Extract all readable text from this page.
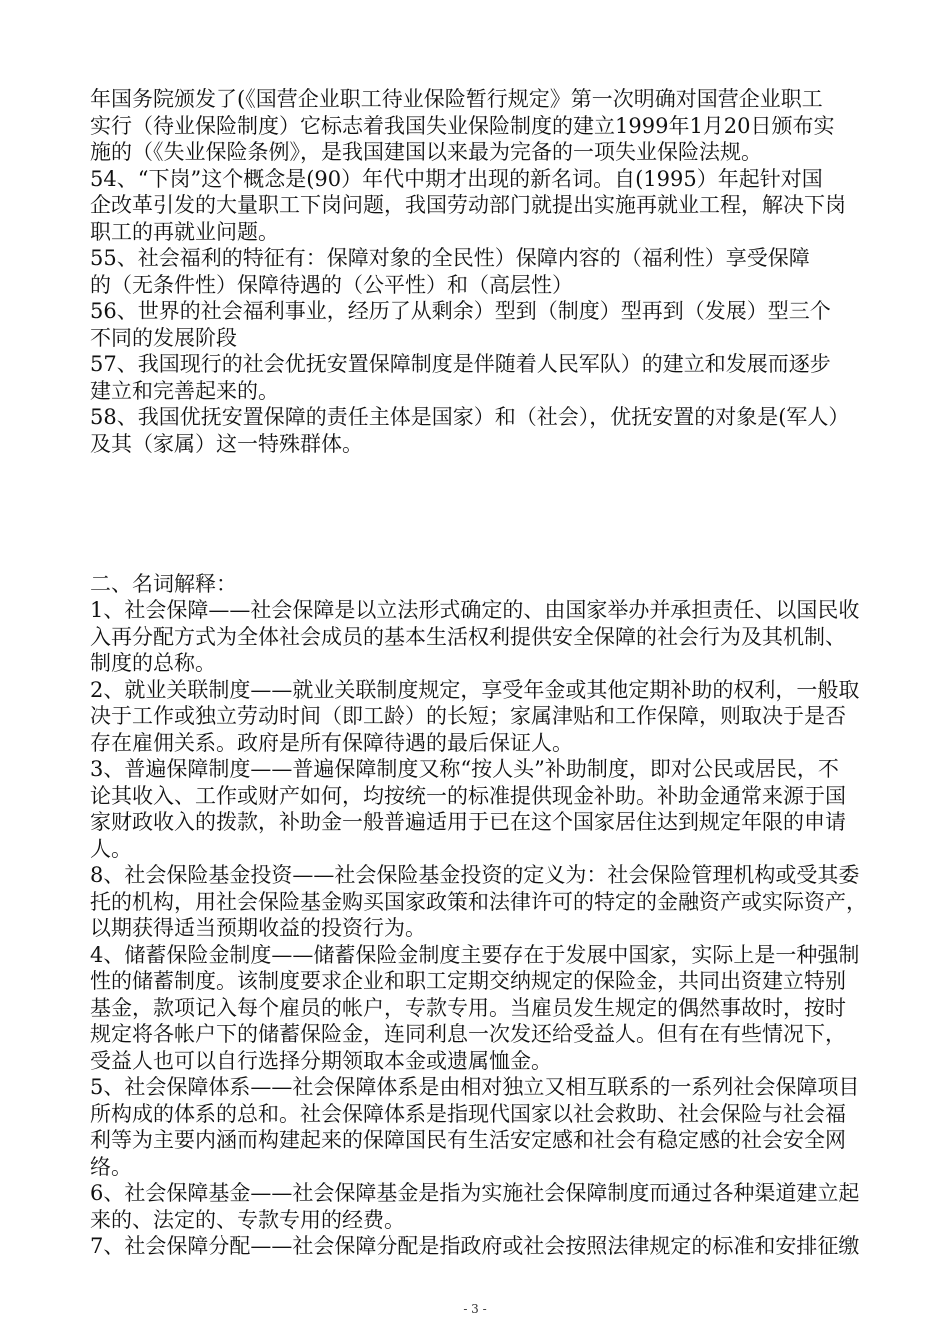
年国务院颁发了(《国营企业职工待业保险暂行规定》第一次明确对国营企业职工
实行（待业保险制度）它标志着我国失业保险制度的建立1999年1月20日颁布实
施的（《失业保险条例》，是我国建国以来最为完备的一项失业保险法规。
54、“下岗”这个概念是(90）年代中期才出现的新名词。自(1995）年起针对国
企改革引发的大量职工下岗问题，我国劳动部门就提出实施再就业工程，解决下岗
职工的再就业问题。
55、社会福利的特征有：保障对象的全民性）保障内容的（福利性）享受保障
的（无条件性）保障待遇的（公平性）和（高层性）
56、世界的社会福利事业，经历了从剩余）型到（制度）型再到（发展）型三个
不同的发展阶段
57、我国现行的社会优抚安置保障制度是伴随着人民军队）的建立和发展而逐步
建立和完善起来的。
58、我国优抚安置保障的责任主体是国家）和（社会），优抚安置的对象是(军人）
及其（家属）这一特殊群体。
二、名词解释：
1、社会保障——社会保障是以立法形式确定的、由国家举办并承担责任、以国民收
入再分配方式为全体社会成员的基本生活权利提供安全保障的社会行为及其机制、
制度的总称。
2、就业关联制度——就业关联制度规定，享受年金或其他定期补助的权利，一般取
决于工作或独立劳动时间（即工龄）的长短；家属津贴和工作保障，则取决于是否
存在雇佣关系。政府是所有保障待遇的最后保证人。
3、普遍保障制度——普遍保障制度又称“按人头”补助制度，即对公民或居民，不
论其收入、工作或财产如何，均按统一的标准提供现金补助。补助金通常来源于国
家财政收入的拨款，补助金一般普遍适用于已在这个国家居住达到规定年限的申请
人。
8、社会保险基金投资——社会保险基金投资的定义为：社会保险管理机构或受其委
托的机构，用社会保险基金购买国家政策和法律许可的特定的金融资产或实际资产，
以期获得适当预期收益的投资行为。
4、储蓄保险金制度——储蓄保险金制度主要存在于发展中国家，实际上是一种强制
性的储蓄制度。该制度要求企业和职工定期交纳规定的保险金，共同出资建立特别
基金，款项记入每个雇员的帐户，专款专用。当雇员发生规定的偶然事故时，按时
规定将各帐户下的储蓄保险金，连同利息一次发还给受益人。但有在有些情况下，
受益人也可以自行选择分期领取本金或遗属恤金。
5、社会保障体系——社会保障体系是由相对独立又相互联系的一系列社会保障项目
所构成的体系的总和。社会保障体系是指现代国家以社会救助、社会保险与社会福
利等为主要内涵而构建起来的保障国民有生活安定感和社会有稳定感的社会安全网
络。
6、社会保障基金——社会保障基金是指为实施社会保障制度而通过各种渠道建立起
来的、法定的、专款专用的经费。
7、社会保障分配——社会保障分配是指政府或社会按照法律规定的标准和安排征缴
- 3 -
